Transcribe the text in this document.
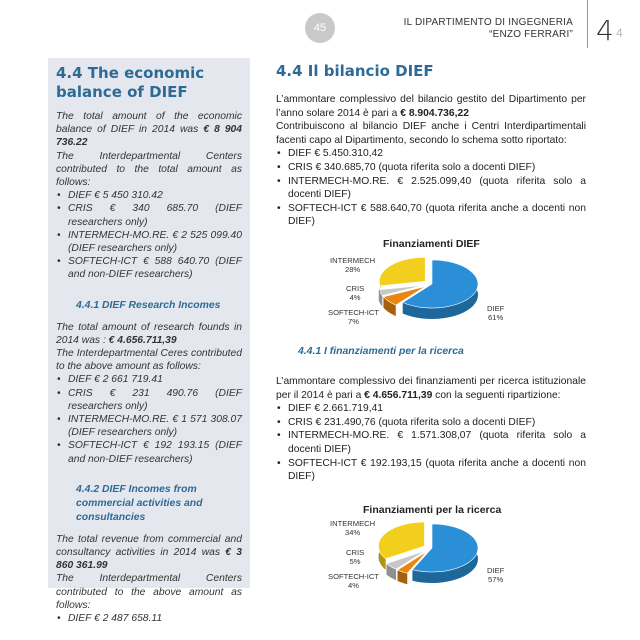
45	IL DIPARTIMENTO DI INGEGNERIA
“ENZO FERRARI” 4 4
4.4 The economic balance of DIEF
The total amount of the economic balance of DIEF in 2014 was € 8 904 736.22
The Interdepartmental Centers contributed to the total amount as follows:
• DIEF € 5 450 310.42
• CRIS € 340 685.70 (DIEF researchers only)
• INTERMECH-MO.RE. € 2 525 099.40 (DIEF researchers only)
• SOFTECH-ICT € 588 640.70 (DIEF and non-DIEF researchers)
4.4.1 DIEF Research Incomes
The total amount of research founds in 2014 was : € 4.656.711,39
The Interdepartmental Ceres contributed to the above amount as follows:
• DIEF € 2 661 719.41
• CRIS € 231 490.76 (DIEF researchers only)
• INTERMECH-MO.RE. € 1 571 308.07 (DIEF researchers only)
• SOFTECH-ICT € 192 193.15 (DIEF and non-DIEF researchers)
4.4.2 DIEF Incomes from commercial activities and consultancies
The total revenue from commercial and consultancy activities in 2014 was € 3 860 361.99
The Interdepartmental Centers contributed to the above amount as follows:
• DIEF € 2 487 658.11
4.4 Il bilancio DIEF
L’ammontare complessivo del bilancio gestito del Dipartimento per l’anno solare 2014 è pari a € 8.904.736,22
Contribuiscono al bilancio DIEF anche i Centri Interdipartimentali facenti capo al Dipartimento, secondo lo schema sotto riportato:
• DIEF € 5.450.310,42
• CRIS € 340.685,70 (quota riferita solo a docenti DIEF)
• INTERMECH-MO.RE. € 2.525.099,40 (quota riferita solo a docenti DIEF)
• SOFTECH-ICT € 588.640,70 (quota riferita anche a docenti non DIEF)
4.4.1 I finanziamenti per la ricerca
L’ammontare complessivo dei finanziamenti per ricerca istituzionale per il 2014 è pari a € 4.656.711,39 con la seguenti ripartizione:
• DIEF € 2.661.719,41
• CRIS € 231.490,76 (quota riferita solo a docenti DIEF)
• INTERMECH-MO.RE. € 1.571.308,07 (quota riferita solo a docenti DIEF)
• SOFTECH-ICT € 192.193,15 (quota riferita anche a docenti non DIEF)
Finanziamenti DIEF
INTERMECH
28%
CRIS
4%
SOFTECH-ICT
7%
DIEF
61%
Finanziamenti per la ricerca
INTERMECH
34%
CRIS
5%
SOFTECH-ICT
4%
DIEF
57%
